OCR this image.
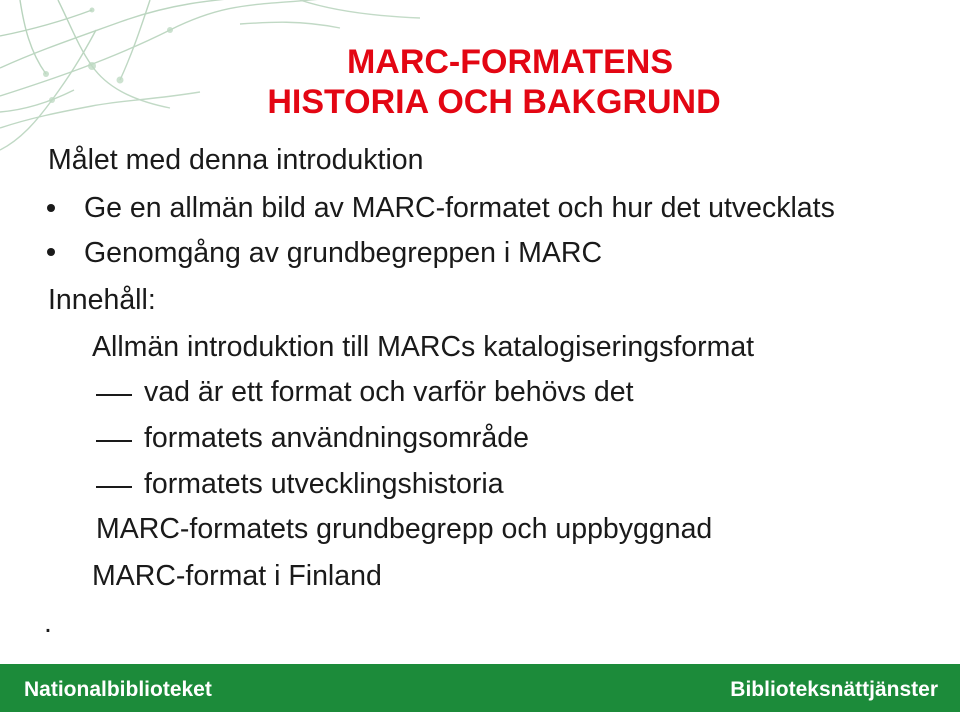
MARC-FORMATENS
HISTORIA OCH BAKGRUND

Målet med denna introduktion

Ge en allmän bild av MARC-formatet och hur det utvecklats

Genomgång av grundbegreppen i MARC

Innehåll:

Allmän introduktion till MARCs katalogiseringsformat

vad är ett format och varför behövs det

formatets användningsområde

formatets utvecklingshistoria

MARC-formatets grundbegrepp och uppbyggnad

MARC-format i Finland

.

Nationalbiblioteket	Biblioteksnättjänster
